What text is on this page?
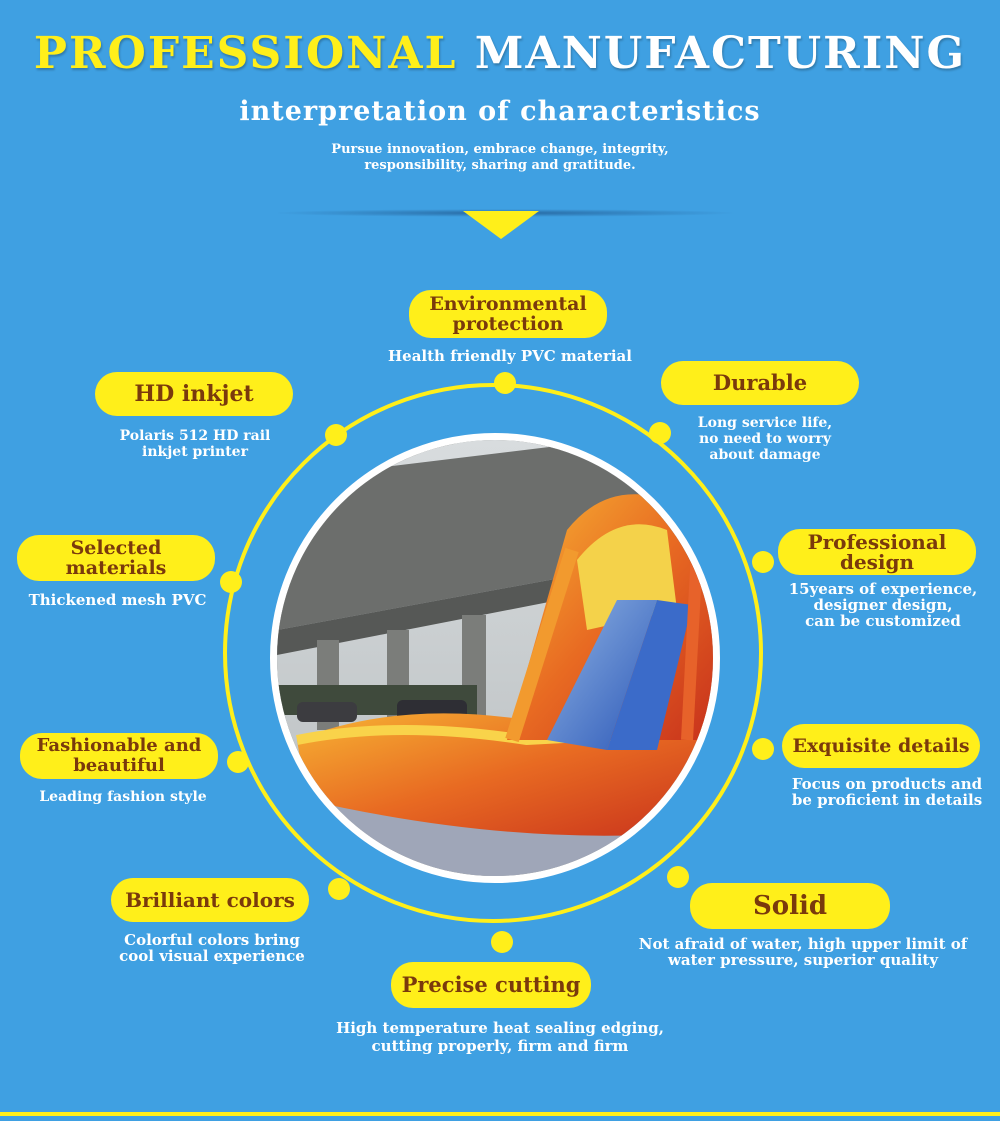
PROFESSIONAL MANUFACTURING
interpretation of characteristics
Pursue innovation, embrace change, integrity,
responsibility, sharing and gratitude.
Environmental
protection
Health friendly PVC material
HD inkjet
Polaris 512 HD rail
inkjet printer
Durable
Long service life,
no need to worry
about damage
Selected
materials
Thickened mesh PVC
Professional
design
15years of experience,
designer design,
can be customized
Fashionable and
beautiful
Leading fashion style
Exquisite details
Focus on products and
be proficient in details
Brilliant colors
Colorful colors bring
cool visual experience
Solid
Not afraid of water, high upper limit of
water pressure, superior quality
Precise cutting
High temperature heat sealing edging,
cutting properly, firm and firm
